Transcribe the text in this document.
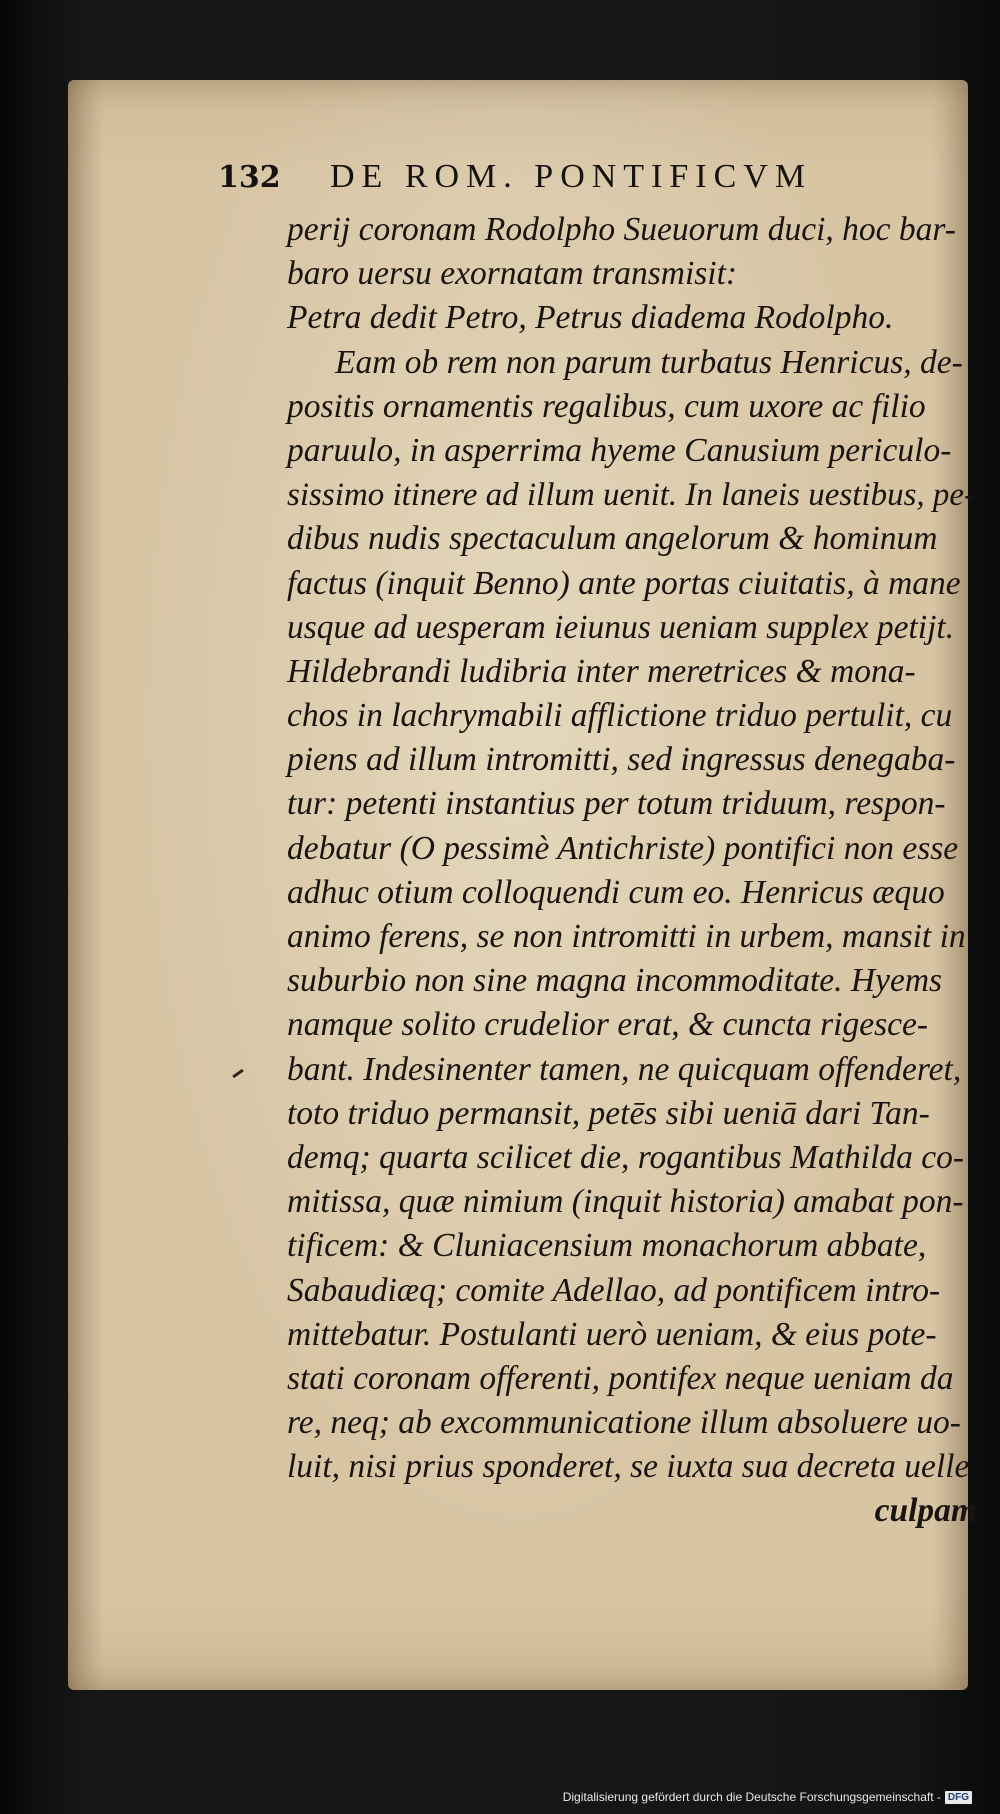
132 DE ROM. PONTIFICVM
perij coronam Rodolpho Sueuorum duci, hoc bar-
baro uersu exornatam transmisit:
Petra dedit Petro, Petrus diadema Rodolpho.
Eam ob rem non parum turbatus Henricus, de-
positis ornamentis regalibus, cum uxore ac filio
paruulo, in asperrima hyeme Canusium periculo-
sissimo itinere ad illum uenit. In laneis uestibus, pe-
dibus nudis spectaculum angelorum & hominum
factus (inquit Benno) ante portas ciuitatis, à mane
usque ad uesperam ieiunus ueniam supplex petijt.
Hildebrandi ludibria inter meretrices & mona-
chos in lachrymabili afflictione triduo pertulit, cu
piens ad illum intromitti, sed ingressus denegaba-
tur: petenti instantius per totum triduum, respon-
debatur (O pessimè Antichriste) pontifici non esse
adhuc otium colloquendi cum eo. Henricus æquo
animo ferens, se non intromitti in urbem, mansit in
suburbio non sine magna incommoditate. Hyems
namque solito crudelior erat, & cuncta rigesce-
bant. Indesinenter tamen, ne quicquam offenderet,
toto triduo permansit, petēs sibi ueniā dari Tan-
demq; quarta scilicet die, rogantibus Mathilda co-
mitissa, quæ nimium (inquit historia) amabat pon-
tificem: & Cluniacensium monachorum abbate,
Sabaudiæq; comite Adellao, ad pontificem intro-
mittebatur. Postulanti uerò ueniam, & eius pote-
stati coronam offerenti, pontifex neque ueniam da
re, neq; ab excommunicatione illum absoluere uo-
luit, nisi prius sponderet, se iuxta sua decreta uelle
culpam
Digitalisierung gefördert durch die Deutsche Forschungsgemeinschaft - DFG
